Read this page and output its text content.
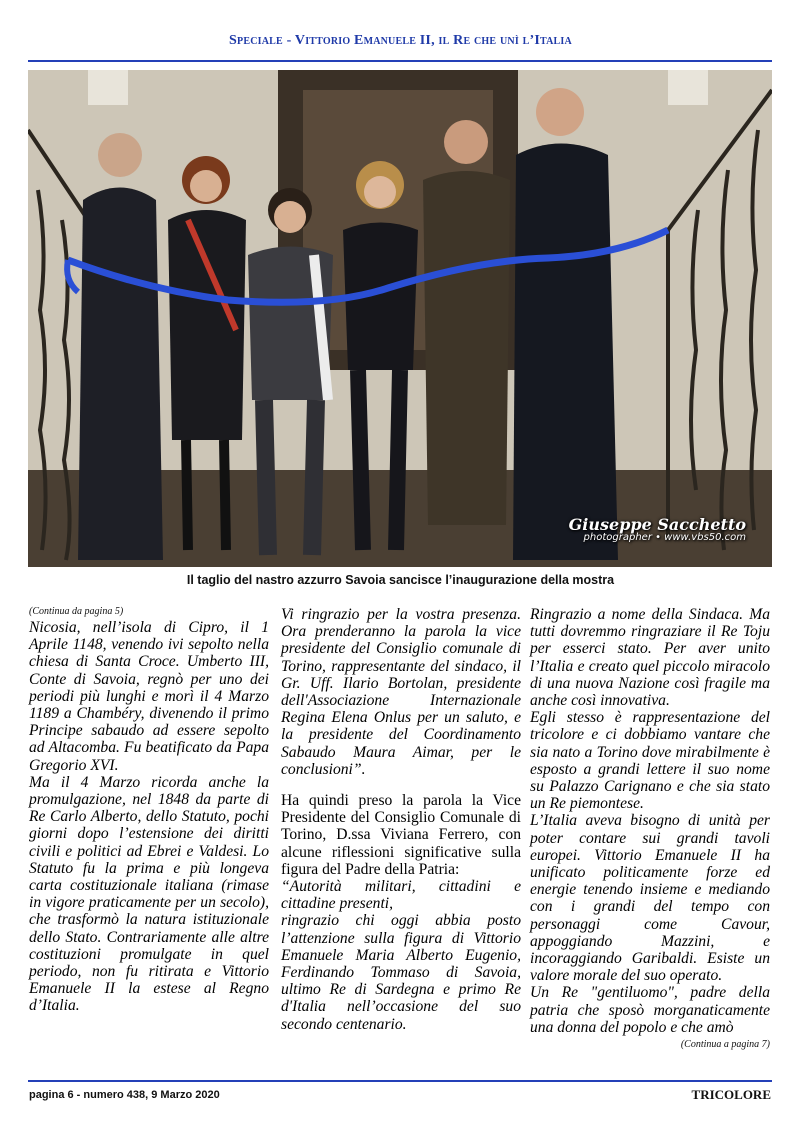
Speciale - Vittorio Emanuele II, il Re che unì l’Italia
Giuseppe Sacchetto
photographer • www.vbs50.com
Il taglio del nastro azzurro Savoia sancisce l’inaugurazione della mostra
(Continua da pagina 5)

Nicosia, nell’isola di Cipro, il 1 Aprile 1148, venendo ivi sepolto nella chiesa di Santa Croce. Umberto III, Conte di Savoia, regnò per uno dei periodi più lunghi e morì il 4 Marzo 1189 a Chambéry, divenendo il primo Principe sabaudo ad essere sepolto ad Altacomba. Fu beatificato da Papa Gregorio XVI.

Ma il 4 Marzo ricorda anche la promulgazione, nel 1848 da parte di Re Carlo Alberto, dello Statuto, pochi giorni dopo l’estensione dei diritti civili e politici ad Ebrei e Valdesi. Lo Statuto fu la prima e più longeva carta costituzionale italiana (rimase in vigore praticamente per un secolo), che trasformò la natura istituzionale dello Stato. Contrariamente alle altre costituzioni promulgate in quel periodo, non fu ritirata e Vittorio Emanuele II la estese al Regno d’Italia.

Vi ringrazio per la vostra presenza. Ora prenderanno la parola la vice presidente del Consiglio comunale di Torino, rappresentante del sindaco, il Gr. Uff. Ilario Bortolan, presidente dell'Associazione Internazionale Regina Elena Onlus per un saluto, e la presidente del Coordinamento Sabaudo Maura Aimar, per le conclusioni”.

Ha quindi preso la parola la Vice Presidente del Consiglio Comunale di Torino, D.ssa Viviana Ferrero, con alcune riflessioni significative sulla figura del Padre della Patria:

“Autorità militari, cittadini e cittadine presenti,

ringrazio chi oggi abbia posto l’attenzione sulla figura di Vittorio Emanuele Maria Alberto Eugenio, Ferdinando Tommaso di Savoia, ultimo Re di Sardegna e primo Re d'Italia nell’occasione del suo secondo centenario.

Ringrazio a nome della Sindaca. Ma tutti dovremmo ringraziare il Re Toju per esserci stato. Per aver unito l’Italia e creato quel piccolo miracolo di una nuova Nazione così fragile ma anche così innovativa.

Egli stesso è rappresentazione del tricolore e ci dobbiamo vantare che sia nato a Torino dove mirabilmente è esposto a grandi lettere il suo nome su Palazzo Carignano e che sia stato un Re piemontese.

L’Italia aveva bisogno di unità per poter contare sui grandi tavoli europei. Vittorio Emanuele II ha unificato politicamente forze ed energie tenendo insieme e mediando con i grandi del tempo con personaggi come Cavour, appoggiando Mazzini, e incoraggiando Garibaldi. Esiste un valore morale del suo operato.

Un Re "gentiluomo", padre della patria che sposò morganaticamente una donna del popolo e che amò

(Continua a pagina 7)
pagina 6 - numero 438, 9 Marzo 2020	TRICOLORE
